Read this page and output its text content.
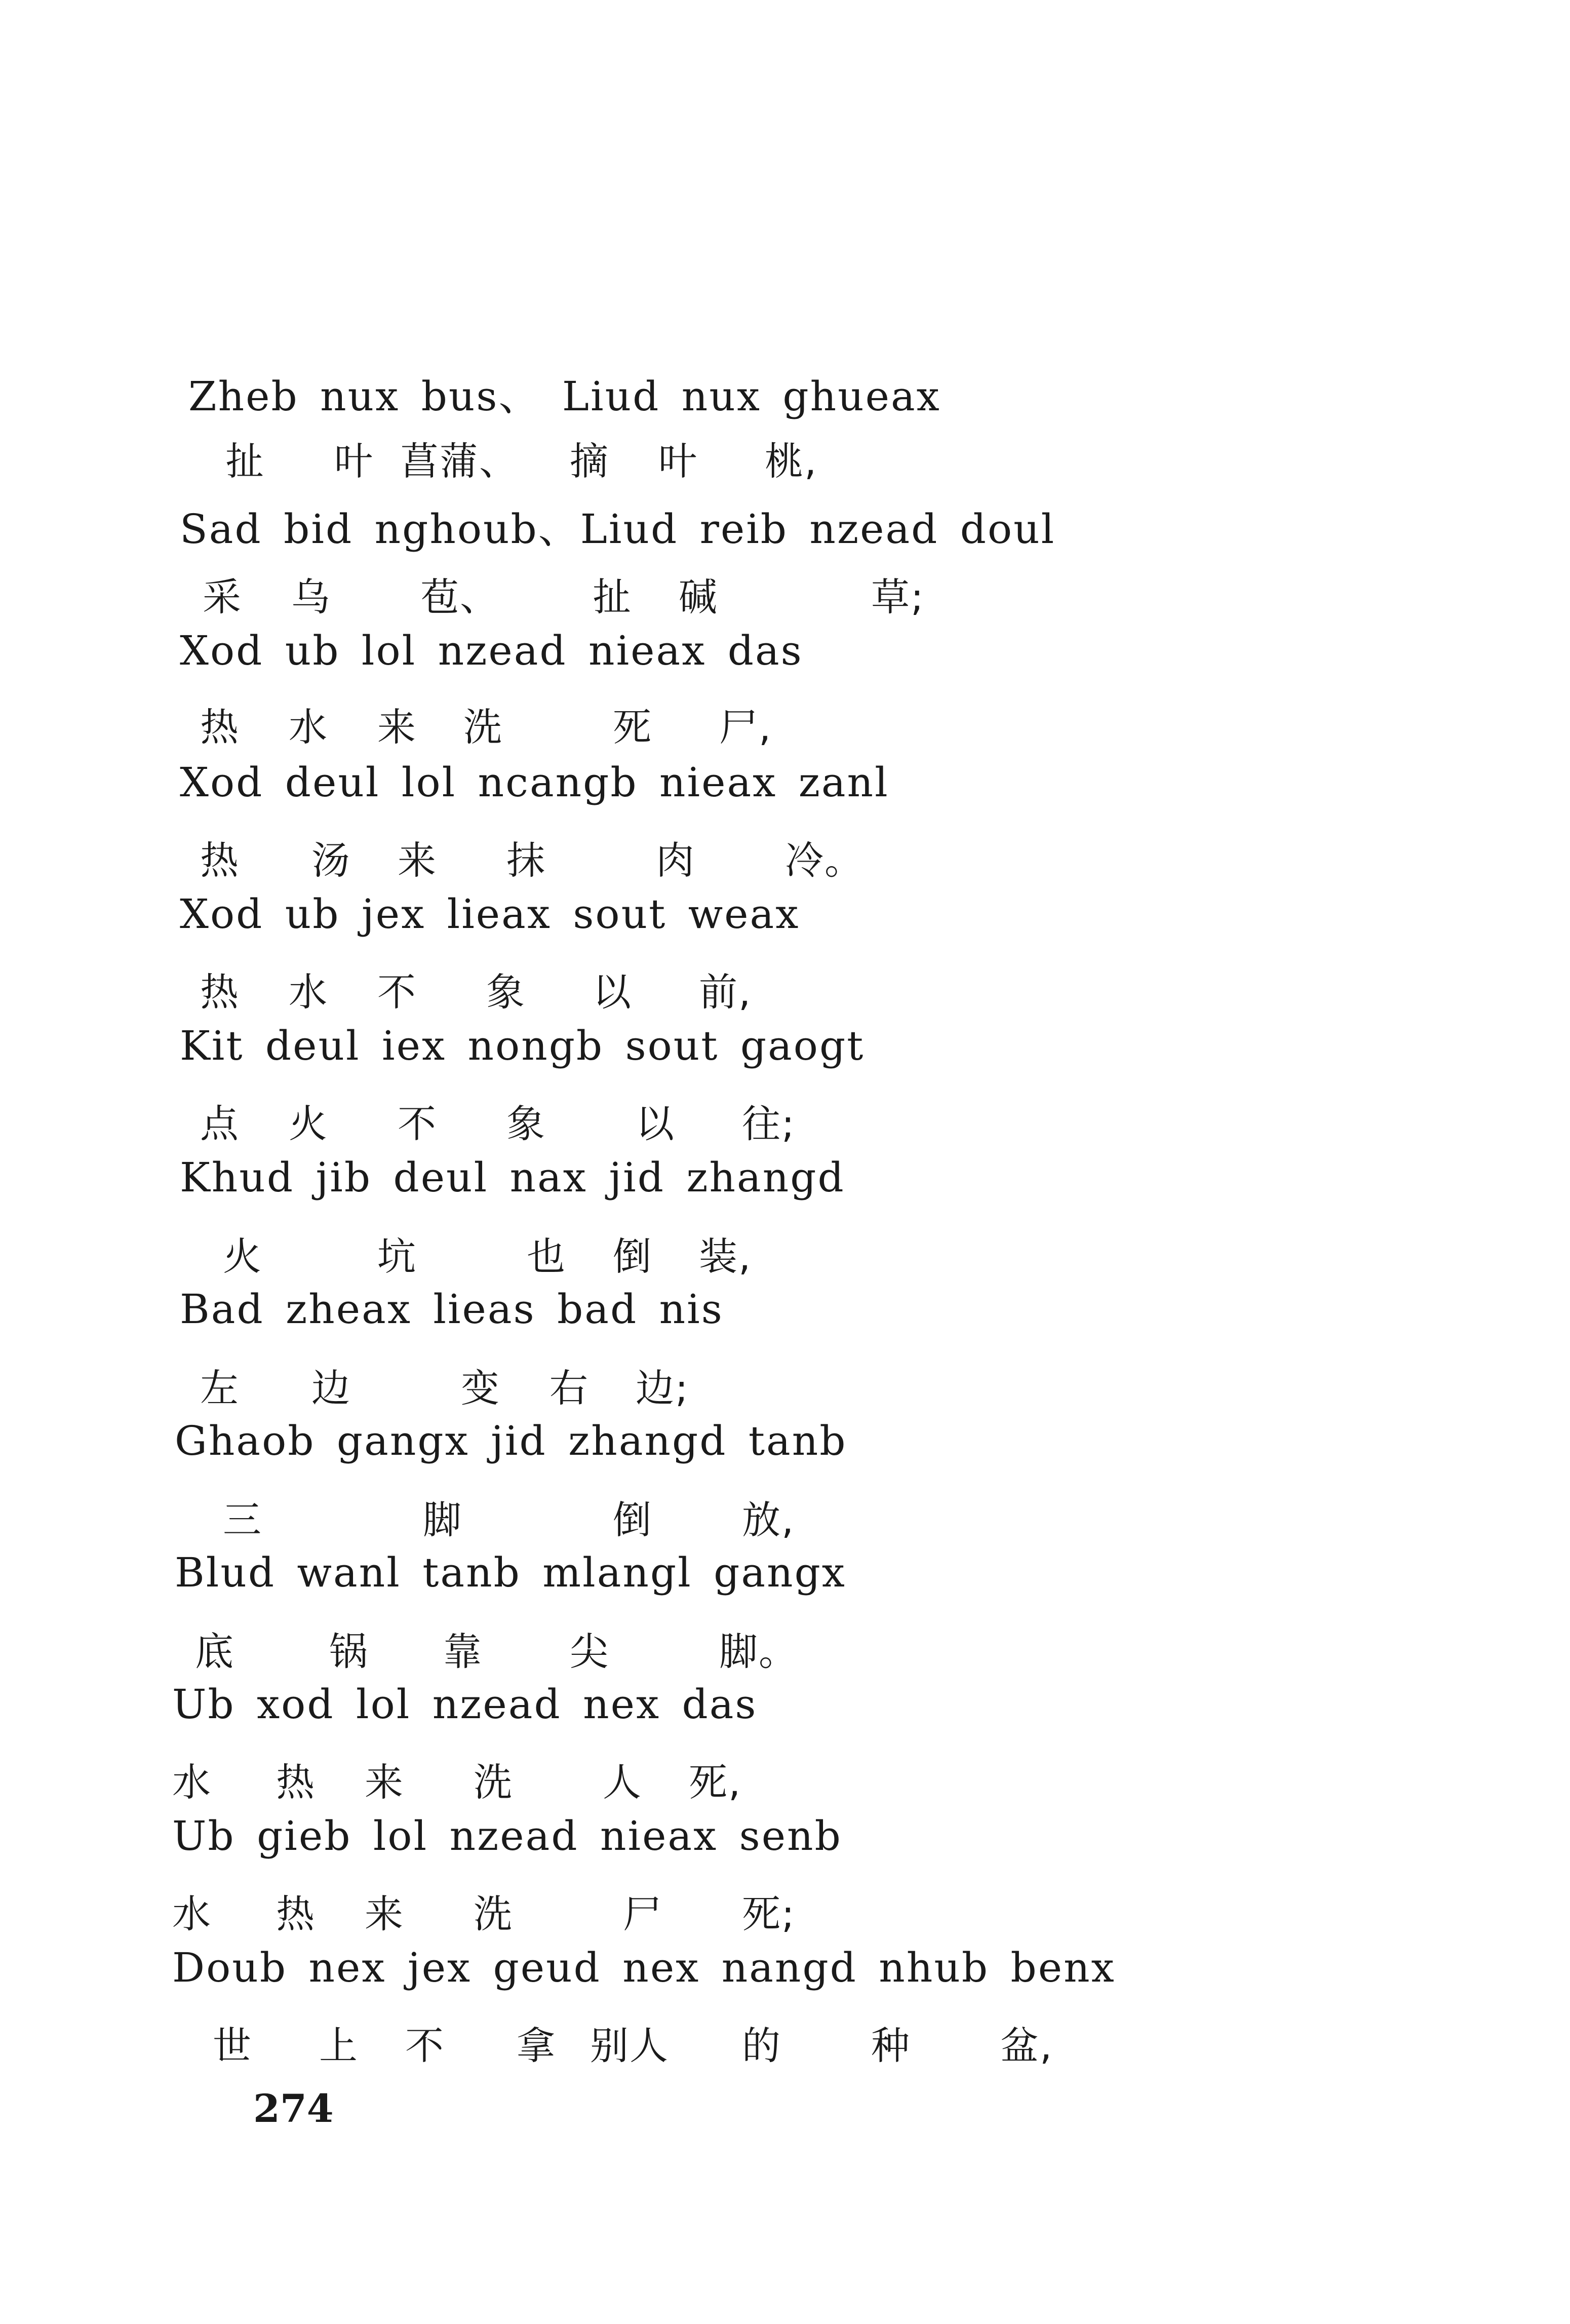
Zheb nux bus、 Liud nux ghueax

扯 叶 菖蒲、 摘 叶 桃,

Sad bid nghoub、Liud reib nzead doul

采 乌 苞、 扯 碱	草;

Xod ub lol nzead nieax das

热 水 来 洗	死 尸,

Xod deul lol ncangb nieax zanl

热 汤 来 抹	肉 冷。

Xod ub jex lieax sout weax

热 水 不 象 以 前,

Kit deul iex nongb sout gaogt

点 火 不 象 以 往;

Khud jib deul nax jid zhangd

火	坑	也 倒 装,

Bad zheax lieas bad nis

左 边	变 右 边;

Ghaob gangx jid zhangd tanb

三	脚	倒 放,

Blud wanl tanb mlangl gangx

底 锅 靠 尖	脚。

Ub xod lol nzead nex das

水 热 来 洗 人 死,

Ub gieb lol nzead nieax senb

水 热 来 洗	尸 死;

Doub nex jex geud nex nangd nhub benx

世 上 不 拿 别人 的 种 盆,
274
